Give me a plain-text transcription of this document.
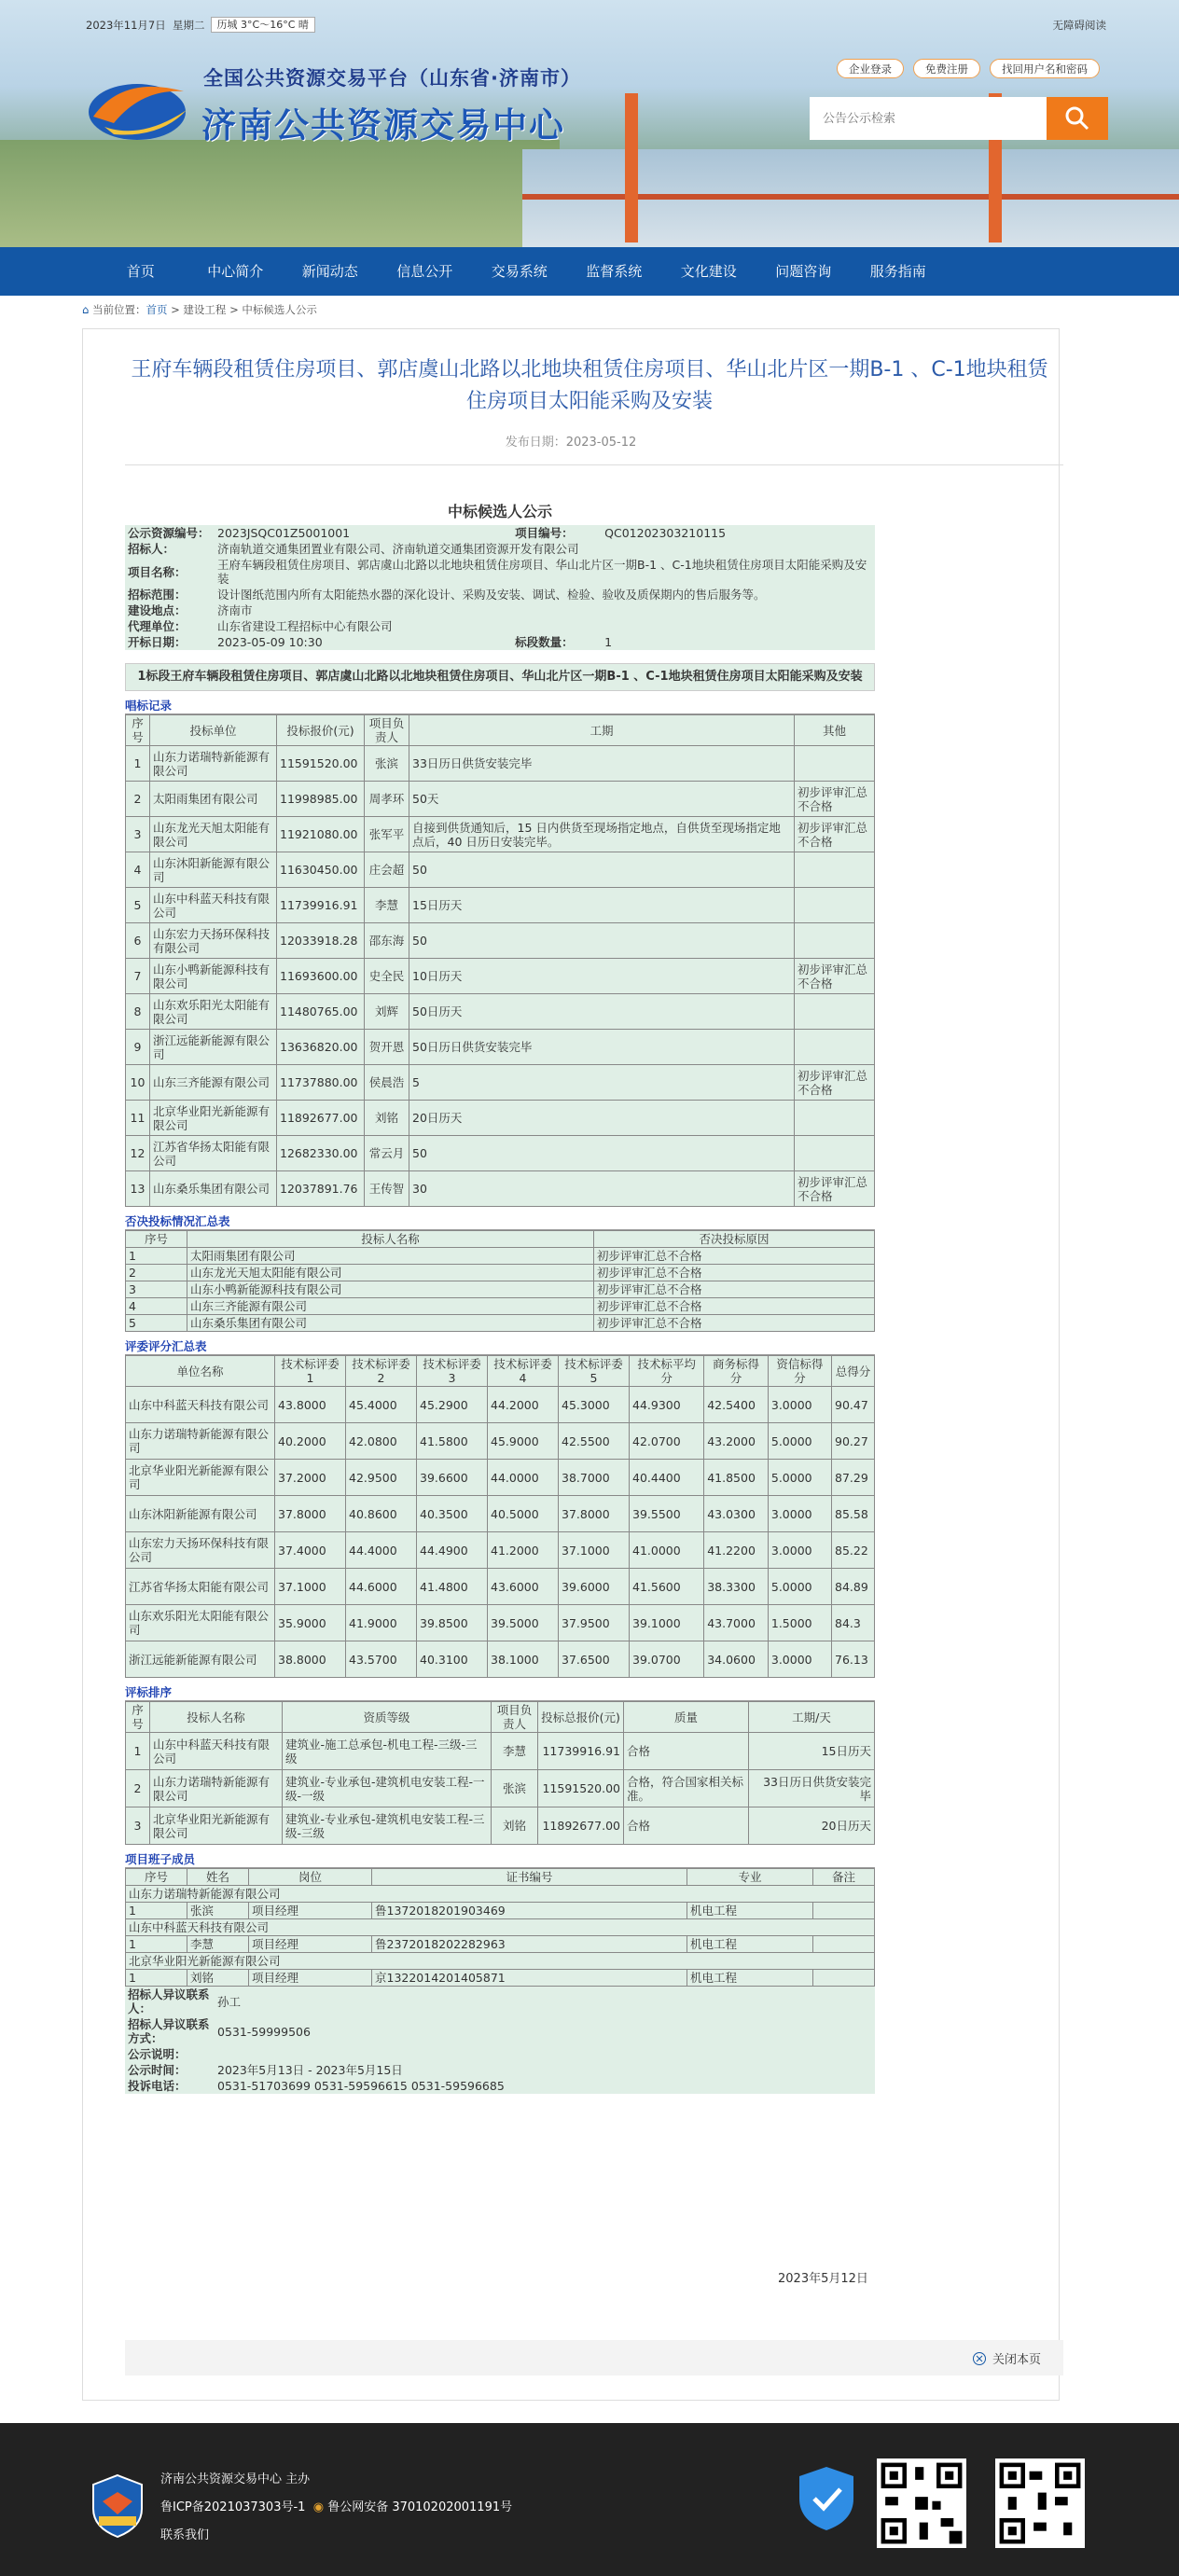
2023年11月7日
星期二	历城 3°C～16°C 晴	无障碍阅读
全国公共资源交易平台（山东省·济南市）
济南公共资源交易中心
企业登录	免费注册	找回用户名和密码
公告公示检索
首页	中心简介	新闻动态	信息公开	交易系统	监督系统	文化建设	问题咨询	服务指南
⌂ 当前位置：首页 > 建设工程 > 中标候选人公示
王府车辆段租赁住房项目、郭店虞山北路以北地块租赁住房项目、华山北片区一期B-1 、C-1地块租赁住房项目太阳能采购及安装
发布日期：2023-05-12
中标候选人公示
公示资源编号：	2023JSQC01Z5001001	项目编号：	QC01202303210115
招标人：	济南轨道交通集团置业有限公司、济南轨道交通集团资源开发有限公司		
项目名称：	王府车辆段租赁住房项目、郭店虞山北路以北地块租赁住房项目、华山北片区一期B-1 、C-1地块租赁住房项目太阳能采购及安装		
招标范围：	设计图纸范围内所有太阳能热水器的深化设计、采购及安装、调试、检验、验收及质保期内的售后服务等。		
建设地点：	济南市		
代理单位：	山东省建设工程招标中心有限公司		
开标日期：	2023-05-09 10:30	标段数量：	1
1标段王府车辆段租赁住房项目、郭店虞山北路以北地块租赁住房项目、华山北片区一期B-1 、C-1地块租赁住房项目太阳能采购及安装
唱标记录
序号	投标单位	投标报价(元)	项目负责人	工期	其他
1	山东力诺瑞特新能源有限公司	11591520.00	张滨	33日历日供货安装完毕	
2	太阳雨集团有限公司	11998985.00	周孝环	50天	初步评审汇总不合格
3	山东龙光天旭太阳能有限公司	11921080.00	张军平	自接到供货通知后，15 日内供货至现场指定地点，自供货至现场指定地点后，40 日历日安装完毕。	初步评审汇总不合格
4	山东沐阳新能源有限公司	11630450.00	庄会超	50	
5	山东中科蓝天科技有限公司	11739916.91	李慧	15日历天	
6	山东宏力天扬环保科技有限公司	12033918.28	邵东海	50	
7	山东小鸭新能源科技有限公司	11693600.00	史全民	10日历天	初步评审汇总不合格
8	山东欢乐阳光太阳能有限公司	11480765.00	刘辉	50日历天	
9	浙江远能新能源有限公司	13636820.00	贺开恩	50日历日供货安装完毕	
10	山东三齐能源有限公司	11737880.00	侯晨浩	5	初步评审汇总不合格
11	北京华业阳光新能源有限公司	11892677.00	刘铭	20日历天	
12	江苏省华扬太阳能有限公司	12682330.00	常云月	50	
13	山东桑乐集团有限公司	12037891.76	王传智	30	初步评审汇总不合格
否决投标情况汇总表
序号	投标人名称	否决投标原因
1	太阳雨集团有限公司	初步评审汇总不合格
2	山东龙光天旭太阳能有限公司	初步评审汇总不合格
3	山东小鸭新能源科技有限公司	初步评审汇总不合格
4	山东三齐能源有限公司	初步评审汇总不合格
5	山东桑乐集团有限公司	初步评审汇总不合格
评委评分汇总表
单位名称	技术标评委1	技术标评委2	技术标评委3	技术标评委4	技术标评委5	技术标平均分	商务标得分	资信标得分	总得分
山东中科蓝天科技有限公司	43.8000	45.4000	45.2900	44.2000	45.3000	44.9300	42.5400	3.0000	90.47
山东力诺瑞特新能源有限公司	40.2000	42.0800	41.5800	45.9000	42.5500	42.0700	43.2000	5.0000	90.27
北京华业阳光新能源有限公司	37.2000	42.9500	39.6600	44.0000	38.7000	40.4400	41.8500	5.0000	87.29
山东沐阳新能源有限公司	37.8000	40.8600	40.3500	40.5000	37.8000	39.5500	43.0300	3.0000	85.58
山东宏力天扬环保科技有限公司	37.4000	44.4000	44.4900	41.2000	37.1000	41.0000	41.2200	3.0000	85.22
江苏省华扬太阳能有限公司	37.1000	44.6000	41.4800	43.6000	39.6000	41.5600	38.3300	5.0000	84.89
山东欢乐阳光太阳能有限公司	35.9000	41.9000	39.8500	39.5000	37.9500	39.1000	43.7000	1.5000	84.3
浙江远能新能源有限公司	38.8000	43.5700	40.3100	38.1000	37.6500	39.0700	34.0600	3.0000	76.13
评标排序
序号	投标人名称	资质等级	项目负责人	投标总报价(元)	质量	工期/天
1	山东中科蓝天科技有限公司	建筑业-施工总承包-机电工程-三级-三级	李慧	11739916.91	合格	15日历天
2	山东力诺瑞特新能源有限公司	建筑业-专业承包-建筑机电安装工程-一级-一级	张滨	11591520.00	合格，符合国家相关标准。	33日历日供货安装完毕
3	北京华业阳光新能源有限公司	建筑业-专业承包-建筑机电安装工程-三级-三级	刘铭	11892677.00	合格	20日历天
项目班子成员
序号	姓名	岗位	证书编号	专业	备注
山东力诺瑞特新能源有限公司					
1	张滨	项目经理	鲁1372018201903469	机电工程	
山东中科蓝天科技有限公司					
1	李慧	项目经理	鲁2372018202282963	机电工程	
北京华业阳光新能源有限公司					
1	刘铭	项目经理	京1322014201405871	机电工程	
招标人异议联系人：	孙工
招标人异议联系方式：	0531-59999506
公示说明：	
公示时间：	2023年5月13日 - 2023年5月15日
投诉电话：	0531-51703699 0531-59596615 0531-59596685
2023年5月12日
关闭本页

济南公共资源交易中心 主办

鲁ICP备2021037303号-1 ◉ 鲁公网安备 37010202001191号

联系我们
